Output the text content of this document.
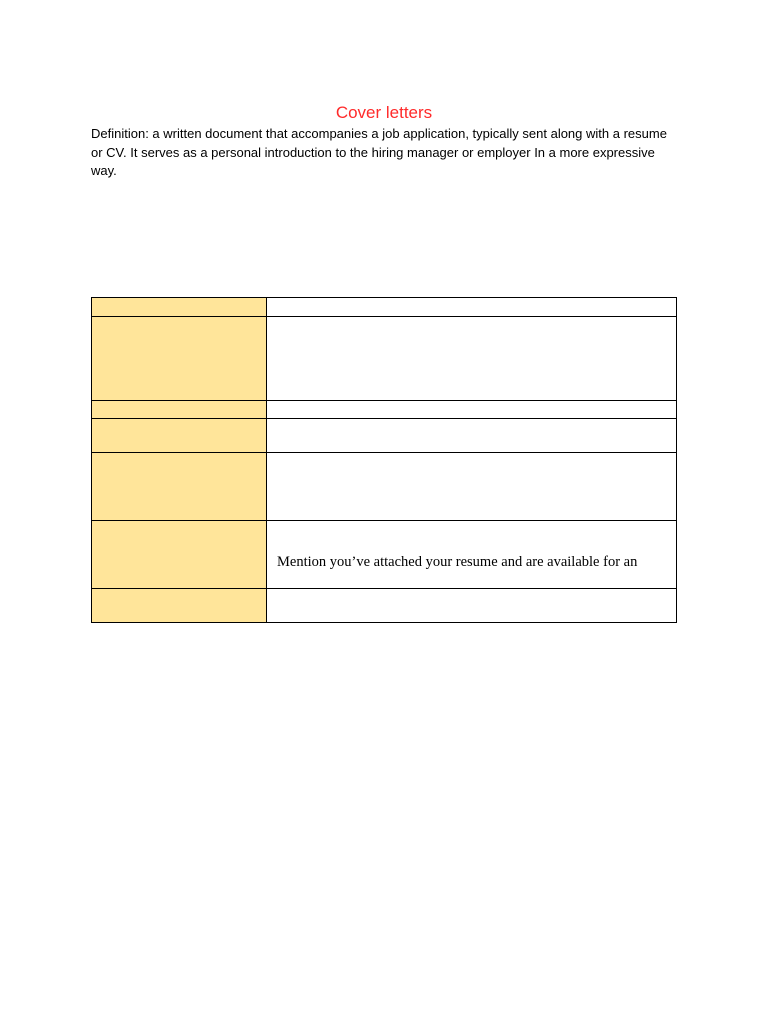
Cover letters
Definition: a written document that accompanies a job application, typically sent along with a resume or CV. It serves as a personal introduction to the hiring manager or employer In a more expressive way.

	Mention you’ve attached your resume and are available for an
